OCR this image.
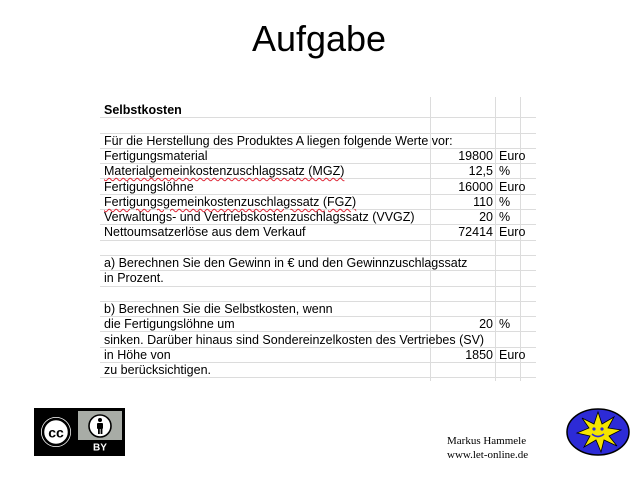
Aufgabe
Selbstkosten
Für die Herstellung des Produktes A liegen folgende Werte vor:
Fertigungsmaterial	19800 Euro
Materialgemeinkostenzuschlagssatz (MGZ)	12,5 %
Fertigungslöhne	16000 Euro
Fertigungsgemeinkostenzuschlagssatz (FGZ)	110 %
Verwaltungs- und Vertriebskostenzuschlagssatz (VVGZ)	20 %
Nettoumsatzerlöse aus dem Verkauf	72414 Euro
a) Berechnen Sie den Gewinn in € und den Gewinnzuschlagssatz
in Prozent.
b) Berechnen Sie die Selbstkosten, wenn
die Fertigungslöhne um	20 %
sinken. Darüber hinaus sind Sondereinzelkosten des Vertriebes (SV)
in Höhe von	1850 Euro
zu berücksichtigen.
cc
BY
Markus Hammele
www.let-online.de
